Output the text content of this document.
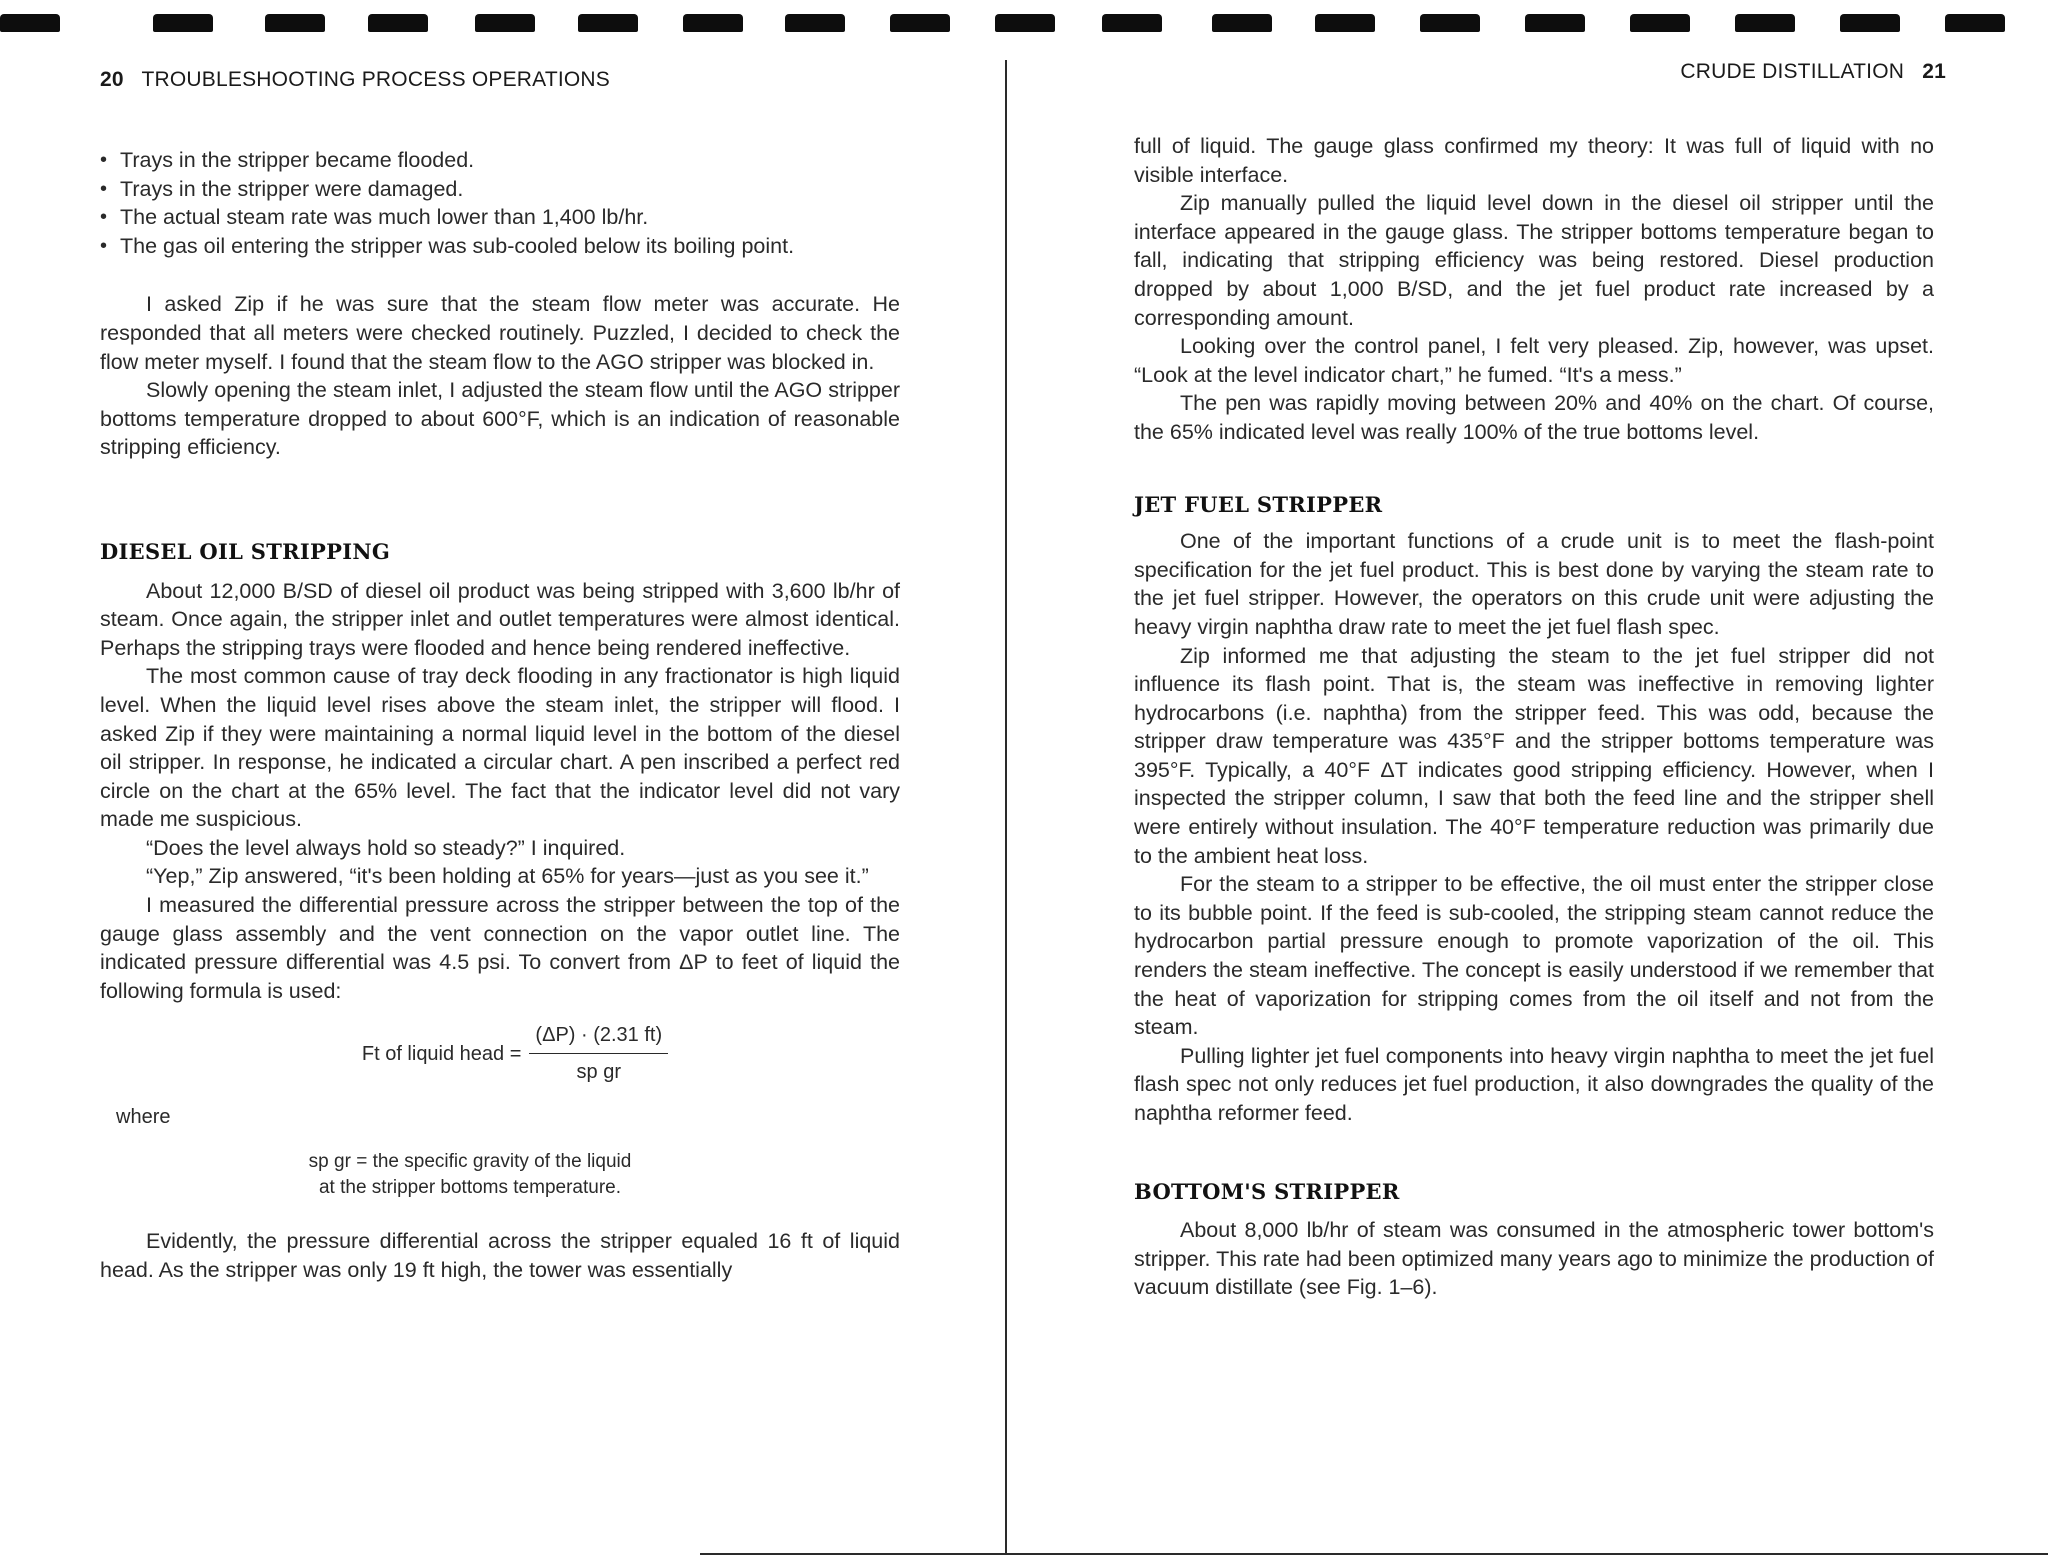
20 TROUBLESHOOTING PROCESS OPERATIONS
• Trays in the stripper became flooded.
• Trays in the stripper were damaged.
• The actual steam rate was much lower than 1,400 lb/hr.
• The gas oil entering the stripper was sub-cooled below its boiling point.

I asked Zip if he was sure that the steam flow meter was accurate. He responded that all meters were checked routinely. Puzzled, I decided to check the flow meter myself. I found that the steam flow to the AGO stripper was blocked in.

Slowly opening the steam inlet, I adjusted the steam flow until the AGO stripper bottoms temperature dropped to about 600°F, which is an indication of reasonable stripping efficiency.

DIESEL OIL STRIPPING

About 12,000 B/SD of diesel oil product was being stripped with 3,600 lb/hr of steam. Once again, the stripper inlet and outlet temperatures were almost identical. Perhaps the stripping trays were flooded and hence being rendered ineffective.

The most common cause of tray deck flooding in any fractionator is high liquid level. When the liquid level rises above the steam inlet, the stripper will flood. I asked Zip if they were maintaining a normal liquid level in the bottom of the diesel oil stripper. In response, he indicated a circular chart. A pen inscribed a perfect red circle on the chart at the 65% level. The fact that the indicator level did not vary made me suspicious.

“Does the level always hold so steady?” I inquired.

“Yep,” Zip answered, “it's been holding at 65% for years—just as you see it.”

I measured the differential pressure across the stripper between the top of the gauge glass assembly and the vent connection on the vapor outlet line. The indicated pressure differential was 4.5 psi. To convert from ΔP to feet of liquid the following formula is used:

Ft of liquid head = $\frac{(\Delta P) \cdot (2.31 ft)}{\text{sp gr}}$
where
sp gr = the specific gravity of the liquid
at the stripper bottoms temperature.

Evidently, the pressure differential across the stripper equaled 16 ft of liquid head. As the stripper was only 19 ft high, the tower was essentially

CRUDE DISTILLATION 21

full of liquid. The gauge glass confirmed my theory: It was full of liquid with no visible interface.

Zip manually pulled the liquid level down in the diesel oil stripper until the interface appeared in the gauge glass. The stripper bottoms temperature began to fall, indicating that stripping efficiency was being restored. Diesel production dropped by about 1,000 B/SD, and the jet fuel product rate increased by a corresponding amount.

Looking over the control panel, I felt very pleased. Zip, however, was upset. “Look at the level indicator chart,” he fumed. “It's a mess.”

The pen was rapidly moving between 20% and 40% on the chart. Of course, the 65% indicated level was really 100% of the true bottoms level.

JET FUEL STRIPPER

One of the important functions of a crude unit is to meet the flash-point specification for the jet fuel product. This is best done by varying the steam rate to the jet fuel stripper. However, the operators on this crude unit were adjusting the heavy virgin naphtha draw rate to meet the jet fuel flash spec.

Zip informed me that adjusting the steam to the jet fuel stripper did not influence its flash point. That is, the steam was ineffective in removing lighter hydrocarbons (i.e. naphtha) from the stripper feed. This was odd, because the stripper draw temperature was 435°F and the stripper bottoms temperature was 395°F. Typically, a 40°F ΔT indicates good stripping efficiency. However, when I inspected the stripper column, I saw that both the feed line and the stripper shell were entirely without insulation. The 40°F temperature reduction was primarily due to the ambient heat loss.

For the steam to a stripper to be effective, the oil must enter the stripper close to its bubble point. If the feed is sub-cooled, the stripping steam cannot reduce the hydrocarbon partial pressure enough to promote vaporization of the oil. This renders the steam ineffective. The concept is easily understood if we remember that the heat of vaporization for stripping comes from the oil itself and not from the steam.

Pulling lighter jet fuel components into heavy virgin naphtha to meet the jet fuel flash spec not only reduces jet fuel production, it also downgrades the quality of the naphtha reformer feed.

BOTTOM'S STRIPPER

About 8,000 lb/hr of steam was consumed in the atmospheric tower bottom's stripper. This rate had been optimized many years ago to minimize the production of vacuum distillate (see Fig. 1–6).
